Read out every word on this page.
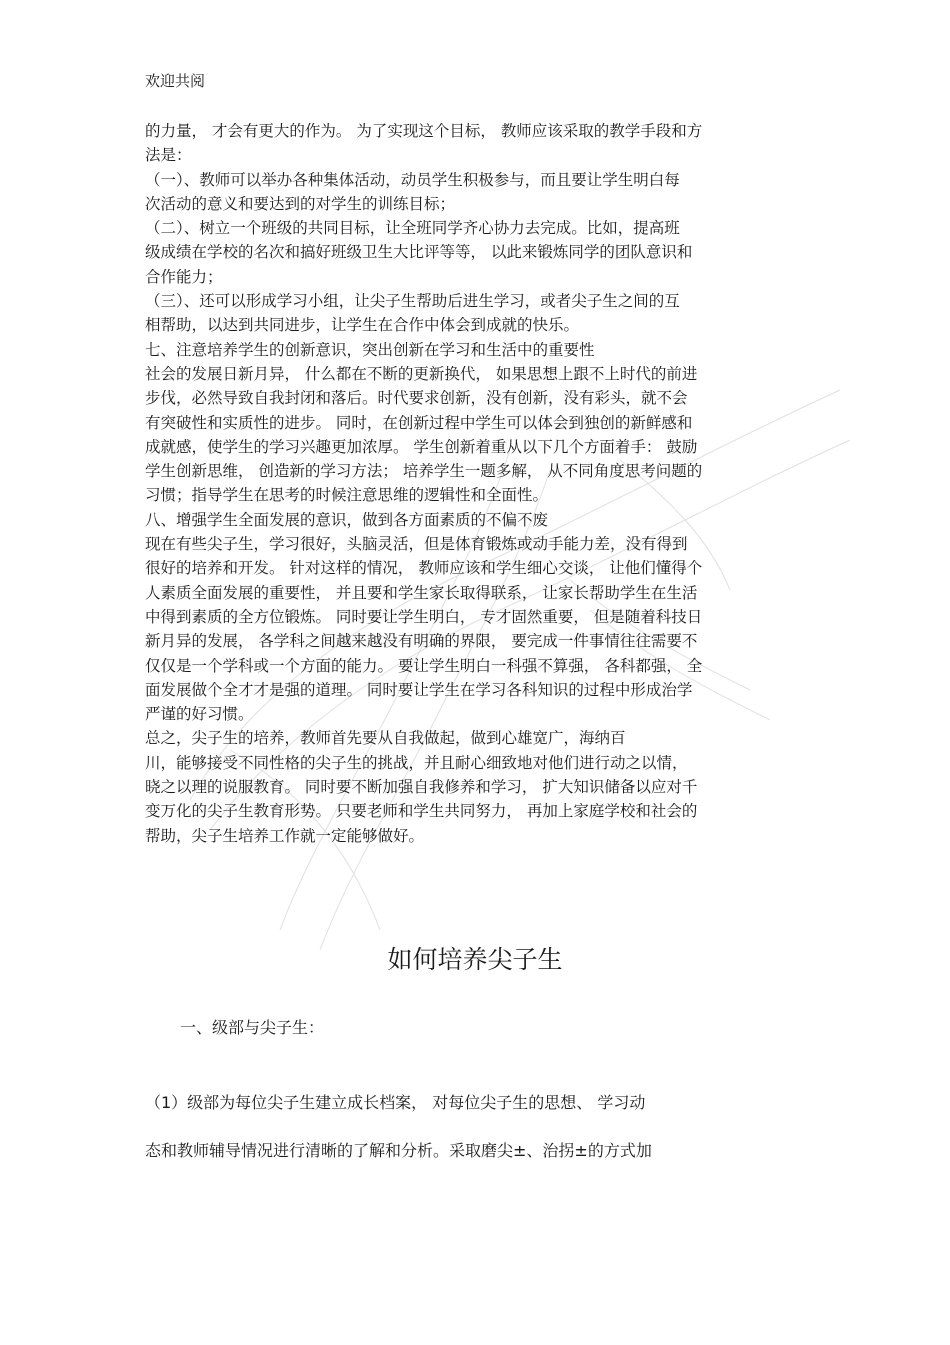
欢迎共阅
的力量， 才会有更大的作为。 为了实现这个目标， 教师应该采取的教学手段和方
法是：
（一）、教师可以举办各种集体活动，动员学生积极参与，而且要让学生明白每
次活动的意义和要达到的对学生的训练目标；
（二）、树立一个班级的共同目标，让全班同学齐心协力去完成。比如，提高班
级成绩在学校的名次和搞好班级卫生大比评等等， 以此来锻炼同学的团队意识和
合作能力；
（三）、还可以形成学习小组，让尖子生帮助后进生学习，或者尖子生之间的互
相帮助，以达到共同进步，让学生在合作中体会到成就的快乐。
七、注意培养学生的创新意识，突出创新在学习和生活中的重要性
社会的发展日新月异， 什么都在不断的更新换代， 如果思想上跟不上时代的前进
步伐，必然导致自我封闭和落后。时代要求创新，没有创新，没有彩头，就不会
有突破性和实质性的进步。 同时，在创新过程中学生可以体会到独创的新鲜感和
成就感，使学生的学习兴趣更加浓厚。 学生创新着重从以下几个方面着手： 鼓励
学生创新思维， 创造新的学习方法； 培养学生一题多解， 从不同角度思考问题的
习惯；指导学生在思考的时候注意思维的逻辑性和全面性。
八、增强学生全面发展的意识，做到各方面素质的不偏不废
现在有些尖子生，学习很好，头脑灵活，但是体育锻炼或动手能力差，没有得到
很好的培养和开发。 针对这样的情况， 教师应该和学生细心交谈， 让他们懂得个
人素质全面发展的重要性， 并且要和学生家长取得联系， 让家长帮助学生在生活
中得到素质的全方位锻炼。 同时要让学生明白， 专才固然重要， 但是随着科技日
新月异的发展， 各学科之间越来越没有明确的界限， 要完成一件事情往往需要不
仅仅是一个学科或一个方面的能力。 要让学生明白一科强不算强， 各科都强， 全
面发展做个全才才是强的道理。 同时要让学生在学习各科知识的过程中形成治学
严谨的好习惯。
总之，尖子生的培养，教师首先要从自我做起，做到心雄宽广，海纳百
川，能够接受不同性格的尖子生的挑战，并且耐心细致地对他们进行动之以情，
晓之以理的说服教育。 同时要不断加强自我修养和学习， 扩大知识储备以应对千
变万化的尖子生教育形势。 只要老师和学生共同努力， 再加上家庭学校和社会的
帮助，尖子生培养工作就一定能够做好。
如何培养尖子生
一、级部与尖子生：
（1）级部为每位尖子生建立成长档案， 对每位尖子生的思想、 学习动
态和教师辅导情况进行清晰的了解和分析。采取磨尖±、治拐±的方式加
